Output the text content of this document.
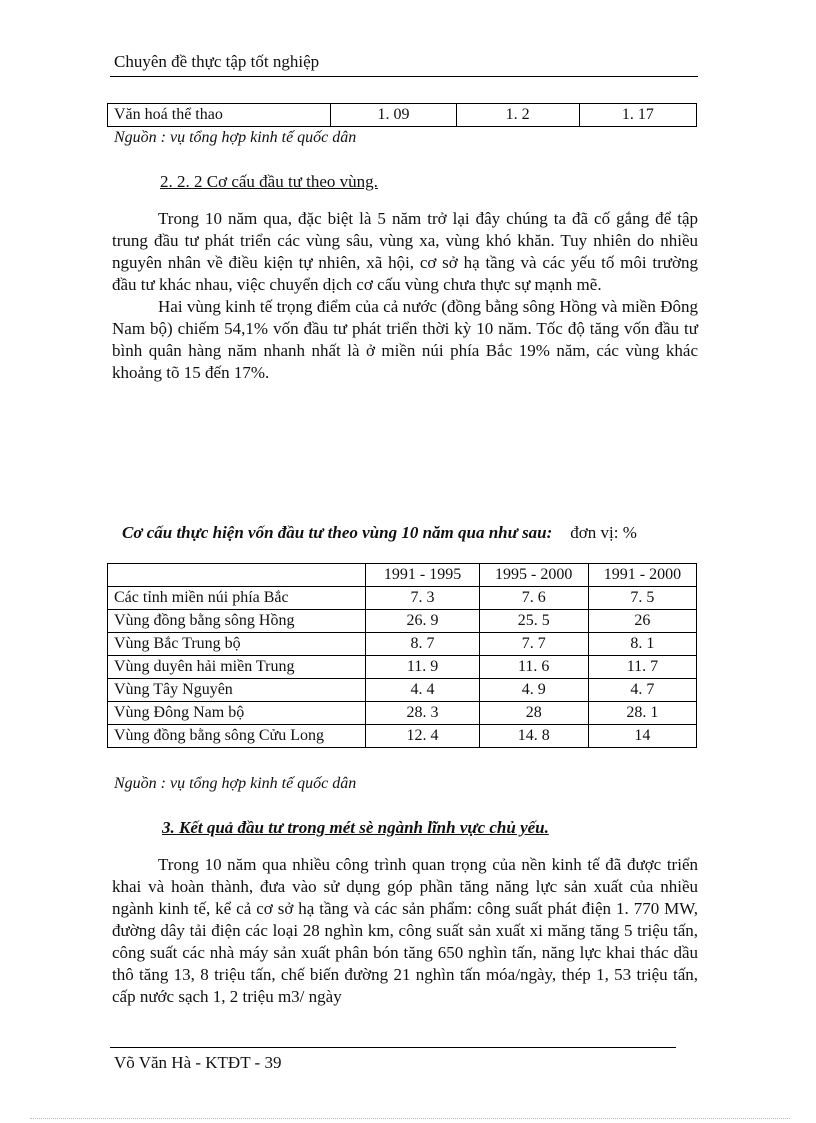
Chuyên đề thực tập tốt nghiệp
Văn hoá thể thao	1. 09	1. 2	1. 17
Nguồn : vụ tổng hợp kinh tế quốc dân
2. 2. 2 Cơ cấu đầu tư theo vùng.

Trong 10 năm qua, đặc biệt là 5 năm trở lại đây chúng ta đã cố gắng để tập trung đầu tư phát triển các vùng sâu, vùng xa, vùng khó khăn. Tuy nhiên do nhiều nguyên nhân về điều kiện tự nhiên, xã hội, cơ sở hạ tầng và các yếu tố môi trường đầu tư khác nhau, việc chuyển dịch cơ cấu vùng chưa thực sự mạnh mẽ.

Hai vùng kinh tế trọng điểm của cả nước (đồng bằng sông Hồng và miền Đông Nam bộ) chiếm 54,1% vốn đầu tư phát triển thời kỳ 10 năm. Tốc độ tăng vốn đầu tư bình quân hàng năm nhanh nhất là ở miền núi phía Bắc 19% năm, các vùng khác khoảng tõ 15 đến 17%.

Cơ cấu thực hiện vốn đầu tư theo vùng 10 năm qua như sau: đơn vị: %
	1991 - 1995	1995 - 2000	1991 - 2000
Các tỉnh miền núi phía Bắc	7. 3	7. 6	7. 5
Vùng đồng bằng sông Hồng	26. 9	25. 5	26
Vùng Bắc Trung bộ	8. 7	7. 7	8. 1
Vùng duyên hải miền Trung	11. 9	11. 6	11. 7
Vùng Tây Nguyên	4. 4	4. 9	4. 7
Vùng Đông Nam bộ	28. 3	28	28. 1
Vùng đồng bằng sông Cửu Long	12. 4	14. 8	14
Nguồn : vụ tổng hợp kinh tế quốc dân
3. Kết quả đầu tư trong mét sè ngành lĩnh vực chủ yếu.

Trong 10 năm qua nhiều công trình quan trọng của nền kinh tế đã được triển khai và hoàn thành, đưa vào sử dụng góp phần tăng năng lực sản xuất của nhiều ngành kinh tế, kể cả cơ sở hạ tầng và các sản phẩm: công suất phát điện 1. 770 MW, đường dây tải điện các loại 28 nghìn km, công suất sản xuất xi măng tăng 5 triệu tấn, công suất các nhà máy sản xuất phân bón tăng 650 nghìn tấn, năng lực khai thác dầu thô tăng 13, 8 triệu tấn, chế biến đường 21 nghìn tấn móa/ngày, thép 1, 53 triệu tấn, cấp nước sạch 1, 2 triệu m3/ ngày

Võ Văn Hà - KTĐT - 39
